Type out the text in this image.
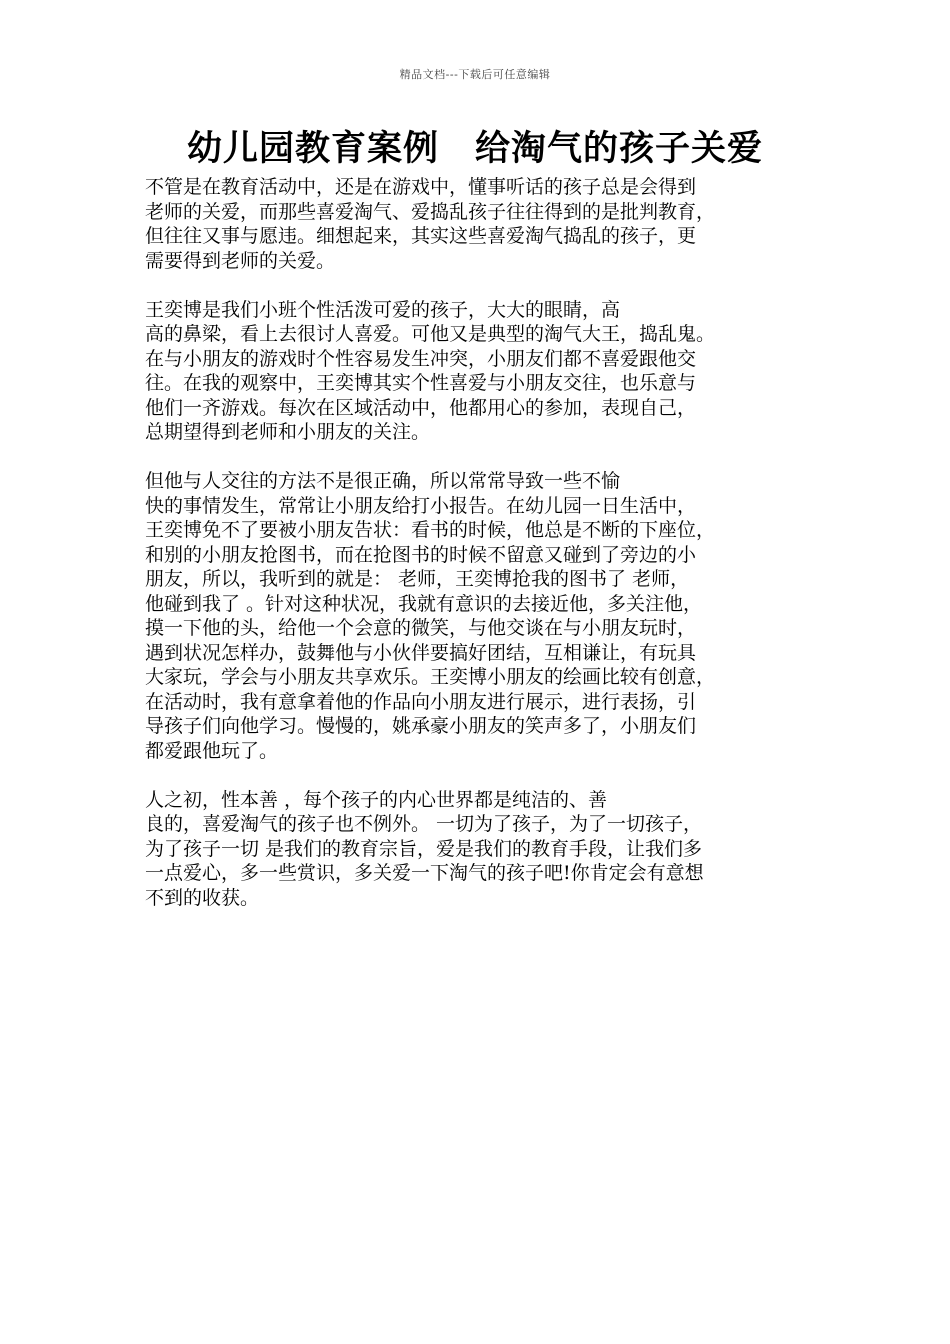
精品文档---下载后可任意编辑
幼儿园教育案例 给淘气的孩子关爱

不管是在教育活动中，还是在游戏中，懂事听话的孩子总是会得到
老师的关爱，而那些喜爱淘气、爱捣乱孩子往往得到的是批判教育，
但往往又事与愿违。细想起来，其实这些喜爱淘气捣乱的孩子，更
需要得到老师的关爱。

王奕博是我们小班个性活泼可爱的孩子，大大的眼睛，高
高的鼻梁，看上去很讨人喜爱。可他又是典型的淘气大王，捣乱鬼。
在与小朋友的游戏时个性容易发生冲突，小朋友们都不喜爱跟他交
往。在我的观察中，王奕博其实个性喜爱与小朋友交往，也乐意与
他们一齐游戏。每次在区域活动中，他都用心的参加，表现自己，
总期望得到老师和小朋友的关注。

但他与人交往的方法不是很正确，所以常常导致一些不愉
快的事情发生，常常让小朋友给打小报告。在幼儿园一日生活中，
王奕博免不了要被小朋友告状：看书的时候，他总是不断的下座位，
和别的小朋友抢图书，而在抢图书的时候不留意又碰到了旁边的小
朋友，所以，我听到的就是： 老师，王奕博抢我的图书了 老师，
他碰到我了 。针对这种状况，我就有意识的去接近他，多关注他，
摸一下他的头，给他一个会意的微笑，与他交谈在与小朋友玩时，
遇到状况怎样办，鼓舞他与小伙伴要搞好团结，互相谦让，有玩具
大家玩，学会与小朋友共享欢乐。王奕博小朋友的绘画比较有创意，
在活动时，我有意拿着他的作品向小朋友进行展示，进行表扬，引
导孩子们向他学习。慢慢的，姚承豪小朋友的笑声多了，小朋友们
都爱跟他玩了。

人之初，性本善 ，每个孩子的内心世界都是纯洁的、善
良的，喜爱淘气的孩子也不例外。 一切为了孩子，为了一切孩子，
为了孩子一切 是我们的教育宗旨，爱是我们的教育手段，让我们多
一点爱心，多一些赏识，多关爱一下淘气的孩子吧!你肯定会有意想
不到的收获。
